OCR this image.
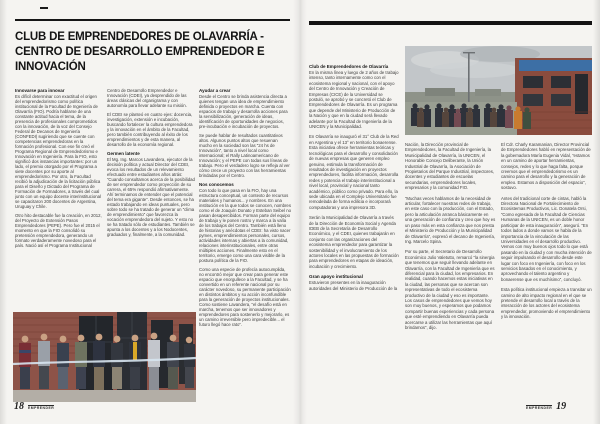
CLUB DE EMPRENDEDORES DE OLAVARRÍA - CENTRO DE DESARROLLO EMPRENDEDOR E INNOVACIÓN
Innovarse para innovar

Es difícil determinar con exactitud el origen del emprendedorismo como política institucional de la Facultad de Ingeniería de Olavarría (FIO). Podría hablarse de una constante actitud hacia el tema, de la presencia de profesionales comprometidos con la innovación, de la voz del Consejo Federal de Decanos de Ingeniería (CONFEDI) sugiriendo que se cuente con competencias emprendedoras en la formación profesional. Con ese fin creó el Programa Regional de Emprendedorismo e Innovación en Ingeniería. Para la FIO, esto significó dos instancias importantes: por un lado, el premio otorgado por el Programa a siete docentes por su aporte al emprendedorismo. Por otro, la Facultad recibió la adjudicación de la licitación pública para el Diseño y Dictado del Programa de Formación de Formadores, a través del cual junto con un equipo docente interinstitucional se capacitaron 200 docentes de Argentina, Uruguay y Chile.

Otro hito destacable fue la creación, en 2012, del Proyecto de Extensión Pasos Emprendedores (PEPE). Pero fue el 2015 el momento en que la FIO consolidó su pretensión emprendedora, generando un formato verdaderamente novedoso para el país. Nació así el Programa Institucional

Centro de Desarrollo Emprendedor e Innovación (CDEI), ya desprendido de las áreas clásicas del organigrama y con autonomía para llevar adelante su misión.

El CDEI se planteó en cuatro ejes: docencia, investigación, extensión e incubación, buscando fortalecer la cultura emprendedora y la innovación en el ámbito de la Facultad, pero también contribuyendo al éxito de los emprendimientos y de esta manera, al desarrollo de la economía regional.

Germen latente

El Mg. Ing. Marcos Lavandera, ejecutor de la decisión política y actual Director del CDEI, evoca los resultados de un relevamiento efectuado entre estudiantes años atrás: “Cuando consultamos acerca de la posibilidad de ser emprendedor como proyección de su carrera, el 65% respondió afirmativamente. Ahí terminamos de entender que el potencial del tema era gigante”. Desde entonces, se ha estado trabajando en ideas puntuales, pero sobre todo se ha tratado de generar un “clima de emprendimiento” que favorezca la vocación emprendedora del sujeto. Y esto no se ha tratado sólo de estudiantes. También se apunta a los docentes y a los Nodocentes, graduados y, finalmente, a la comunidad.

Ayudar a crear

Desde el Centro se brinda asistencia directa a quienes tengan una idea de emprendimiento definida o proyectos en marcha. Cuenta con espacios de trabajo y desarrolla acciones para la sensibilización, generación de ideas, identificación de oportunidades de negocios, pre-incubación e incubación de proyectos.

Se puede hablar de resultados cuantitativos altos. Algunos puntos altos que resuenan mucho en la sociedad son las “24 hs de Innovación”, tanto a nivel local como internacional; el Rally Latinoamericano de Innovación; y el PEPE con todas sus líneas de trabajo. Pero el verdadero logro se refleja al ver cómo crece un proyecto con las herramientas brindadas por el Centro.

Nos conocemos

Con todo lo que pasa en la FIO, hay una estructura conceptual, un contexto de recursos materiales y humanos... y nombres. En una institución en la que todos se conocen, nombres como el de Joaquín Donato y Esteban Seibel no pasan desapercibidos. Forman parte del equipo de trabajo y le ponen rostro y marca a la valía de los trabajos del Centro. También está lleno de historias y anécdotas el CDEI: ha visto nacer pymes, emprendimientos personales, cursos, actividades internas y abiertas a la comunidad, relaciones interinstitucionales, entre otras múltiples acciones. Finalmente esto en el territorio, emerge como una cara visible de la postura política de la FIO.

Como una especie de profecía autocumplida, no encontró mejor que crear para generar este espacio que enorgullece a la Facultad, y se ha convertido en un referente nacional por su carácter novedoso, su permanente participación en distintos ámbitos y su acción inconfundible para la generación de proyectos institucionales. Como sostiene Lavandera, “el desafío está en marcha, tenemos que ser innovadores y emprendedores para sostenerlo y mejorarlo, es un camino irreversible pero impredecible... el futuro llegó hace rato”.

18 EMPRENDER
Club de Emprendedores de Olavarría

En la misma línea y luego de 2 años de trabajo intenso, tanto internamente como con el ecosistema regional y nacional, con el apoyo del Centro de Innovación y Creación de Empresas (CICE) de la Universidad se postuló, se aprobó y se concretó el Club de Emprendedores de Olavarría. Es un programa que depende del Ministerio de Producción de la Nación y que en la ciudad será llevado adelante por la Facultad de Ingeniería de la UNICEN y la Municipalidad.

En Olavarría se inauguró el 31° Club de la Red en Argentina y el 13° en territorio bonaerense. Esta iniciativa ofrece herramientas teóricas y tecnológicas para el desarrollo y consolidación de nuevas empresas que generen empleo genuino, estimula la transformación de resultados de investigación en proyectos emprendedores, facilita información, desarrolla redes y potencia el trabajo interinstitucional a nivel local, provincial y nacional tanto académico, público como privado. Para ello, la sede ubicada en el Complejo Universitario fue remodelada de forma edilicia e incorporará computadoras y una impresora 3D.

Serán la Municipalidad de Olavarría a través de la Dirección de Economía Social y Agenda IDEB de la Secretaría de Desarrollo Económico, y el CDEI, quienes trabajarán en conjunto con las organizaciones del ecosistema emprendedor para garantizar la sostenibilidad y el involucramiento de los actores locales en las propuestas de formación para emprendedores en etapas de ideación, incubación y crecimiento.

Gran apoyo institucional

Estuvieron presentes en la inauguración autoridades del Ministerio de Producción de la

Nación, la Dirección provincial de Emprendedores, la Facultad de Ingeniería, la Municipalidad de Olavarría, la UNICEN, el Honorable Concejo Deliberante, la Unión Industrial de Olavarría, la Asociación de Propietarios del Parque Industrial, inspectores, docentes y estudiantes de escuelas secundarias, emprendedores locales, empresarios y la comunidad FIO.

“Muchas veces hablamos de la necesidad de articular, fortalecer nuestras redes de trabajo, en este caso con la producción, con el Estado, pero la articulación arranca básicamente en una generación de confianza y creo que hoy es un paso más en esta confianza que nos presta el Ministerio de Producción y la Municipalidad de Olavarría”, expresó el decano de Ingeniería, Ing. Marcelo Spina.

Por su parte, el Secretario de Desarrollo Económico Julio Valetutto, remarcó “la sinergia que tenemos que seguir llevando adelante en Olavarría, con la Facultad de Ingeniería que es diferencial para la ciudad, los empresarios. En realidad, cuando hacemos estas iniciativas en la ciudad, las personas que se acercan son representativas de todo el ecosistema productivo de la ciudad y eso es importante. Los casos de emprendedores que vemos hoy son muy buenos, y esperamos que podamos compartir buenas experiencias y cada persona que esté emprendiendo en Olavarría pueda acercarse a utilizar las herramientas que aquí brindamos”, dijo.

El Cdr. Charly Karamanian, Director Provincial de Emprendedores habló en representación de la gobernadora María Eugenia Vidal, “estamos en un camino de aportar herramientas, consejos, redes y lo que haga falta, porque creemos que el emprendedorismo es un camino para el desarrollo y la generación de empleo. Estamos a disposición del espacio”, sostuvo.

Antes del tradicional corte de cintas, habló la Directora Nacional de Fortalecimiento de Ecosistemas Productivos, Lic. Donatela Orsi, “Como egresada de la Facultad de Ciencias Humanas de la UNICEN, es un doble honor participar de esta inauguración”, aseguró. “En todos lados a donde vamos se habla de la importancia de la vinculación de las Universidades en el desarrollo productivo. Vemos con muy buenos ojos todo lo que está pasando en la ciudad y con mucha intención de seguir impulsando el desarrollo desde este lugar con foco en Ingeniería, con foco en los servicios basados en el conocimiento, y aprovechando el talento argentino y bonaerense que es muchísimo”, concluyó.

Esta política institucional empieza a transitar un camino de alto impacto regional en el que se pretende el desarrollo local a través de la interacción de los actores del ecosistema emprendedor, promoviendo el emprendimiento y la innovación.

EMPRENDER 19
